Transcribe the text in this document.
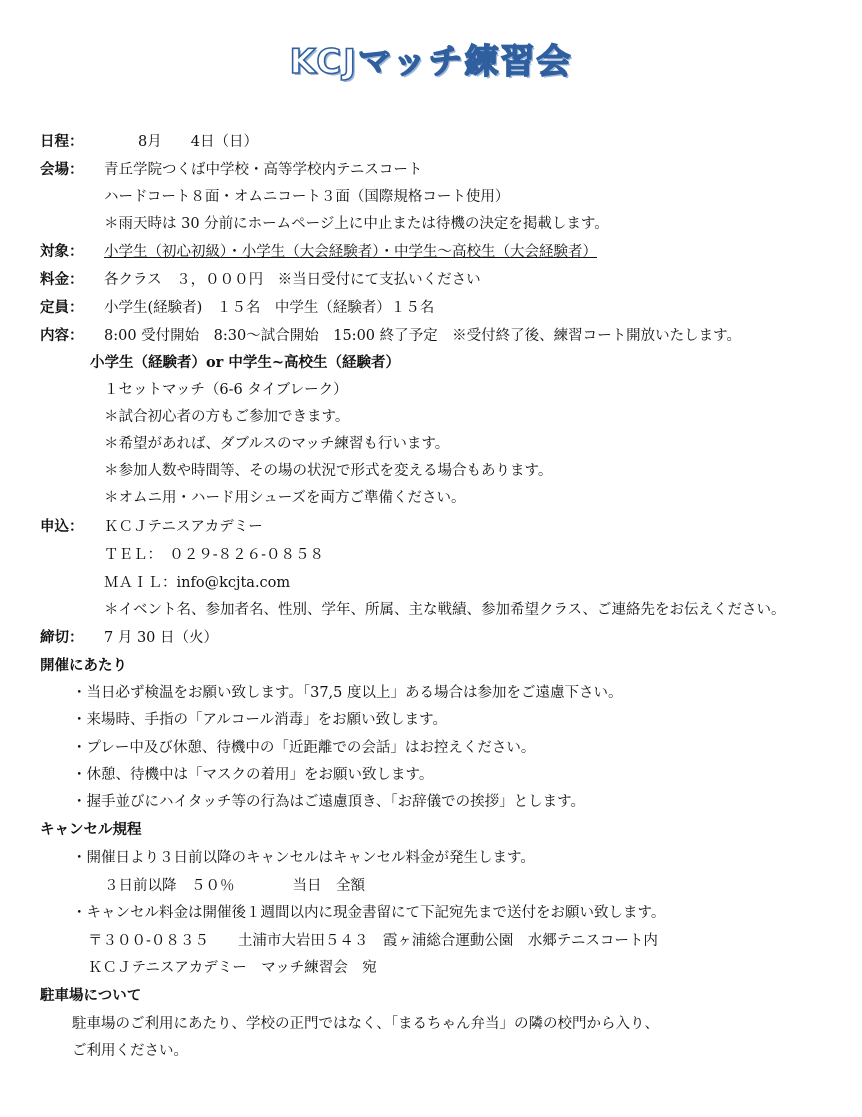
KCJマッチ練習会
日程：	8月　　4日（日）
会場： 青丘学院つくば中学校・高等学校内テニスコート
ハードコート８面・オムニコート３面（国際規格コート使用）
＊雨天時は 30 分前にホームページ上に中止または待機の決定を掲載します。
対象： 小学生（初心初級）・小学生（大会経験者）・中学生～高校生（大会経験者）
料金： 各クラス　３，０００円　※当日受付にて支払いください
定員： 小学生(経験者)　１５名　中学生（経験者）１５名
内容： 8:00 受付開始　8:30～試合開始　15:00 終了予定　※受付終了後、練習コート開放いたします。
小学生（経験者）or 中学生~高校生（経験者）
１セットマッチ（6-6 タイブレーク）
＊試合初心者の方もご参加できます。
＊希望があれば、ダブルスのマッチ練習も行います。
＊参加人数や時間等、その場の状況で形式を変える場合もあります。
＊オムニ用・ハード用シューズを両方ご準備ください。
申込： ＫＣＪテニスアカデミー
ＴＥＬ：　０２９-８２６-０８５８
ＭＡＩＬ：info@kcjta.com
＊イベント名、参加者名、性別、学年、所属、主な戦績、参加希望クラス、ご連絡先をお伝えください。
締切： 7 月 30 日（火）
開催にあたり
・当日必ず検温をお願い致します。「37,5 度以上」ある場合は参加をご遠慮下さい。
・来場時、手指の「アルコール消毒」をお願い致します。
・プレー中及び休憩、待機中の「近距離での会話」はお控えください。
・休憩、待機中は「マスクの着用」をお願い致します。
・握手並びにハイタッチ等の行為はご遠慮頂き、「お辞儀での挨拶」とします。
キャンセル規程
・開催日より３日前以降のキャンセルはキャンセル料金が発生します。
３日前以降　５０％　　　　当日　全額
・キャンセル料金は開催後１週間以内に現金書留にて下記宛先まで送付をお願い致します。
〒３００-０８３５　　土浦市大岩田５４３　霞ヶ浦総合運動公園　水郷テニスコート内
ＫＣＪテニスアカデミー　マッチ練習会　宛
駐車場について
駐車場のご利用にあたり、学校の正門ではなく、「まるちゃん弁当」の隣の校門から入り、
ご利用ください。
